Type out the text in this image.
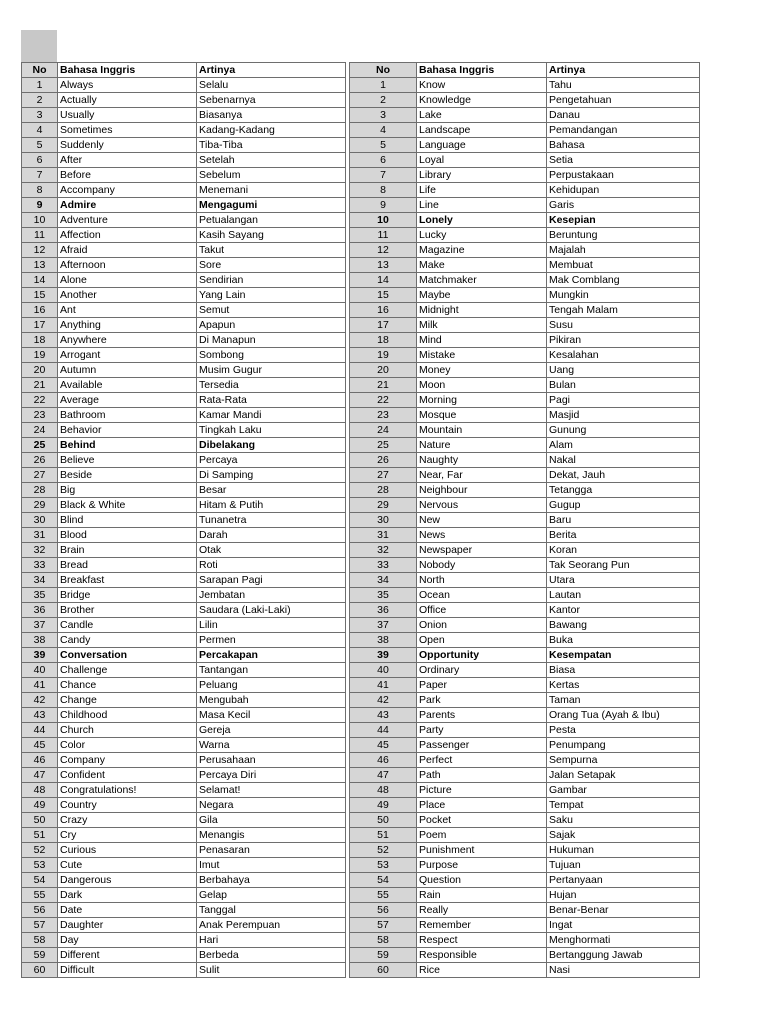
No	Bahasa Inggris	Artinya
1	Always	Selalu
2	Actually	Sebenarnya
3	Usually	Biasanya
4	Sometimes	Kadang-Kadang
5	Suddenly	Tiba-Tiba
6	After	Setelah
7	Before	Sebelum
8	Accompany	Menemani
9	Admire	Mengagumi
10	Adventure	Petualangan
11	Affection	Kasih Sayang
12	Afraid	Takut
13	Afternoon	Sore
14	Alone	Sendirian
15	Another	Yang Lain
16	Ant	Semut
17	Anything	Apapun
18	Anywhere	Di Manapun
19	Arrogant	Sombong
20	Autumn	Musim Gugur
21	Available	Tersedia
22	Average	Rata-Rata
23	Bathroom	Kamar Mandi
24	Behavior	Tingkah Laku
25	Behind	Dibelakang
26	Believe	Percaya
27	Beside	Di Samping
28	Big	Besar
29	Black & White	Hitam & Putih
30	Blind	Tunanetra
31	Blood	Darah
32	Brain	Otak
33	Bread	Roti
34	Breakfast	Sarapan Pagi
35	Bridge	Jembatan
36	Brother	Saudara (Laki-Laki)
37	Candle	Lilin
38	Candy	Permen
39	Conversation	Percakapan
40	Challenge	Tantangan
41	Chance	Peluang
42	Change	Mengubah
43	Childhood	Masa Kecil
44	Church	Gereja
45	Color	Warna
46	Company	Perusahaan
47	Confident	Percaya Diri
48	Congratulations!	Selamat!
49	Country	Negara
50	Crazy	Gila
51	Cry	Menangis
52	Curious	Penasaran
53	Cute	Imut
54	Dangerous	Berbahaya
55	Dark	Gelap
56	Date	Tanggal
57	Daughter	Anak Perempuan
58	Day	Hari
59	Different	Berbeda
60	Difficult	Sulit
No	Bahasa Inggris	Artinya
1	Know	Tahu
2	Knowledge	Pengetahuan
3	Lake	Danau
4	Landscape	Pemandangan
5	Language	Bahasa
6	Loyal	Setia
7	Library	Perpustakaan
8	Life	Kehidupan
9	Line	Garis
10	Lonely	Kesepian
11	Lucky	Beruntung
12	Magazine	Majalah
13	Make	Membuat
14	Matchmaker	Mak Comblang
15	Maybe	Mungkin
16	Midnight	Tengah Malam
17	Milk	Susu
18	Mind	Pikiran
19	Mistake	Kesalahan
20	Money	Uang
21	Moon	Bulan
22	Morning	Pagi
23	Mosque	Masjid
24	Mountain	Gunung
25	Nature	Alam
26	Naughty	Nakal
27	Near, Far	Dekat, Jauh
28	Neighbour	Tetangga
29	Nervous	Gugup
30	New	Baru
31	News	Berita
32	Newspaper	Koran
33	Nobody	Tak Seorang Pun
34	North	Utara
35	Ocean	Lautan
36	Office	Kantor
37	Onion	Bawang
38	Open	Buka
39	Opportunity	Kesempatan
40	Ordinary	Biasa
41	Paper	Kertas
42	Park	Taman
43	Parents	Orang Tua (Ayah & Ibu)
44	Party	Pesta
45	Passenger	Penumpang
46	Perfect	Sempurna
47	Path	Jalan Setapak
48	Picture	Gambar
49	Place	Tempat
50	Pocket	Saku
51	Poem	Sajak
52	Punishment	Hukuman
53	Purpose	Tujuan
54	Question	Pertanyaan
55	Rain	Hujan
56	Really	Benar-Benar
57	Remember	Ingat
58	Respect	Menghormati
59	Responsible	Bertanggung Jawab
60	Rice	Nasi
